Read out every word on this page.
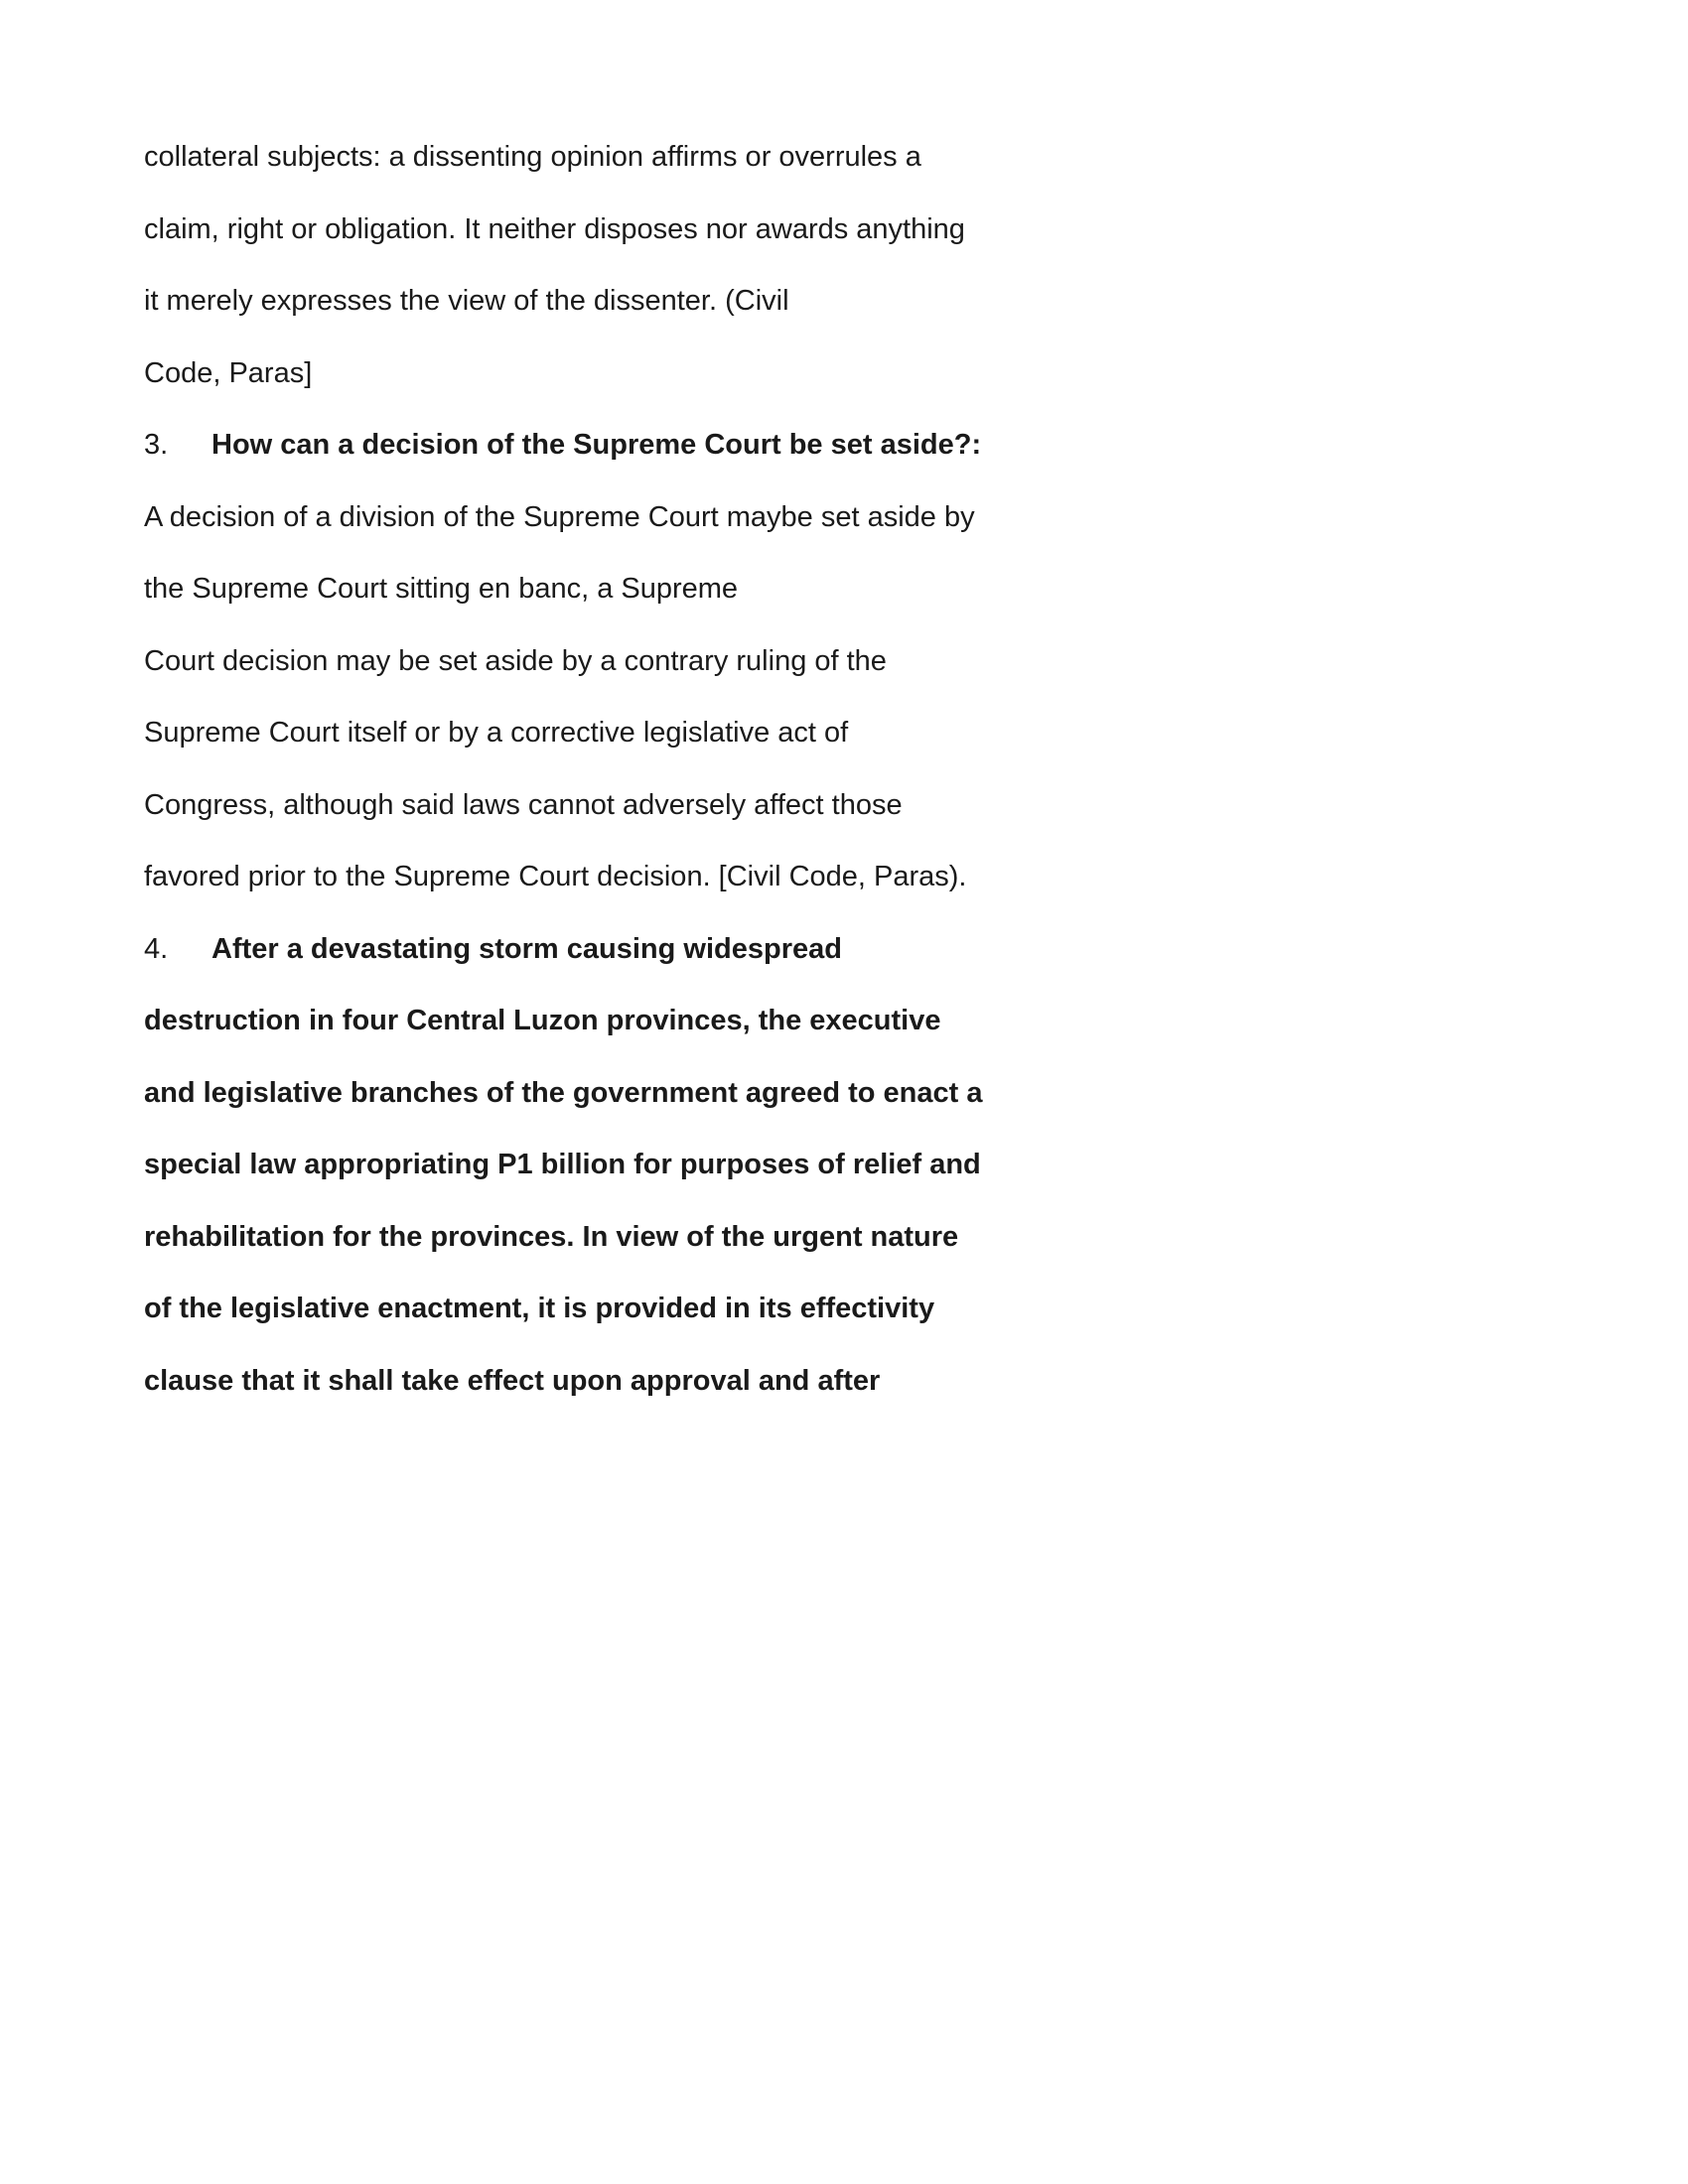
collateral subjects: a dissenting opinion affirms or overrules a
claim, right or obligation. It neither disposes nor awards anything
it merely expresses the view of the dissenter. (Civil
Code, Paras]
3. How can a decision of the Supreme Court be set aside?:
A decision of a division of the Supreme Court maybe set aside by
the Supreme Court sitting en banc, a Supreme
Court decision may be set aside by a contrary ruling of the
Supreme Court itself or by a corrective legislative act of
Congress, although said laws cannot adversely affect those
favored prior to the Supreme Court decision. [Civil Code, Paras).
4. After a devastating storm causing widespread
destruction in four Central Luzon provinces, the executive
and legislative branches of the government agreed to enact a
special law appropriating P1 billion for purposes of relief and
rehabilitation for the provinces. In view of the urgent nature
of the legislative enactment, it is provided in its effectivity
clause that it shall take effect upon approval and after
